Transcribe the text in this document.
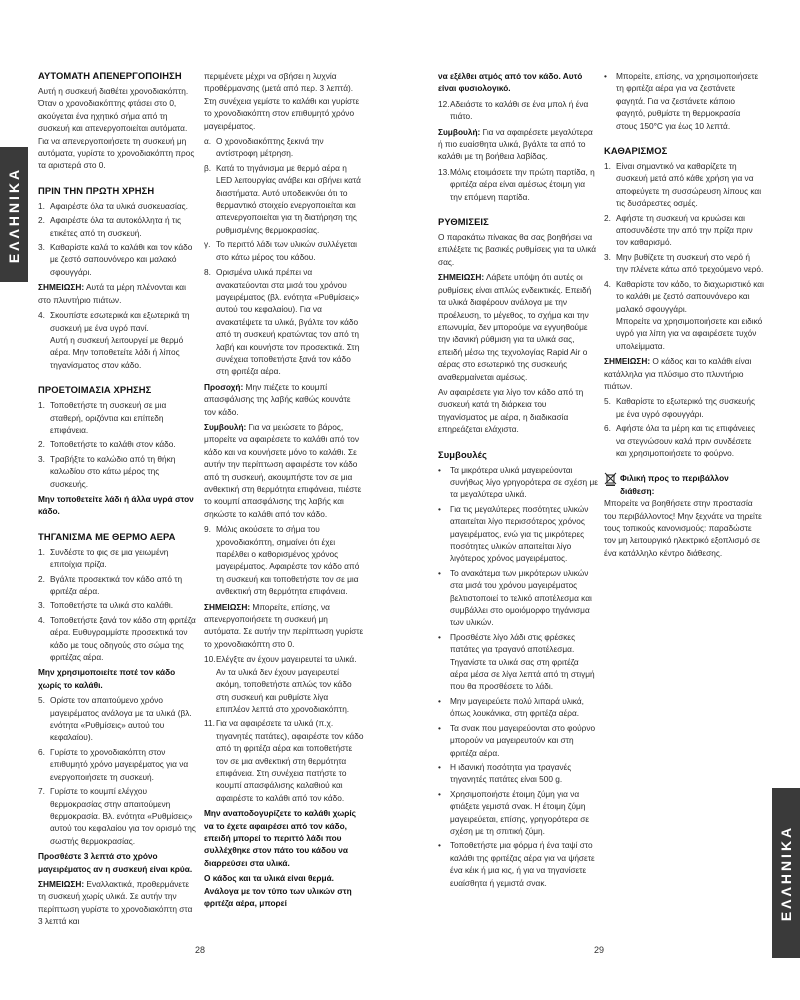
ΕΛΛΗΝΙΚΑ
ΕΛΛΗΝΙΚΑ
ΑΥΤΟΜΑΤΗ ΑΠΕΝΕΡΓΟΠΟΙΗΣΗ

Αυτή η συσκευή διαθέτει χρονοδιακόπτη. Όταν ο χρονοδιακόπτης φτάσει στο 0, ακούγεται ένα ηχητικό σήμα από τη συσκευή και απενεργοποιείται αυτόματα. Για να απενεργοποιήσετε τη συσκευή μη αυτόματα, γυρίστε το χρονοδιακόπτη προς τα αριστερά στο 0.

ΠΡΙΝ ΤΗΝ ΠΡΩΤΗ ΧΡΗΣΗ
1. Αφαιρέστε όλα τα υλικά συσκευασίας.
2. Αφαιρέστε όλα τα αυτοκόλλητα ή τις ετικέτες από τη συσκευή.
3. Καθαρίστε καλά το καλάθι και τον κάδο με ζεστό σαπουνόνερο και μαλακό σφουγγάρι.

ΣΗΜΕΙΩΣΗ: Αυτά τα μέρη πλένονται και στο πλυντήριο πιάτων.

4. Σκουπίστε εσωτερικά και εξωτερικά τη συσκευή με ένα υγρό πανί.
Αυτή η συσκευή λειτουργεί με θερμό αέρα. Μην τοποθετείτε λάδι ή λίπος τηγανίσματος στον κάδο.
ΠΡΟΕΤΟΙΜΑΣΙΑ ΧΡΗΣΗΣ
1. Τοποθετήστε τη συσκευή σε μια σταθερή, οριζόντια και επίπεδη επιφάνεια.
2. Τοποθετήστε το καλάθι στον κάδο.
3. Τραβήξτε το καλώδιο από τη θήκη καλωδίου στο κάτω μέρος της συσκευής.

Μην τοποθετείτε λάδι ή άλλα υγρά στον κάδο.

ΤΗΓΑΝΙΣΜΑ ΜΕ ΘΕΡΜΟ ΑΕΡΑ
1. Συνδέστε το φις σε μια γειωμένη επιτοίχια πρίζα.
2. Βγάλτε προσεκτικά τον κάδο από τη φριτέζα αέρα.
3. Τοποθετήστε τα υλικά στο καλάθι.
4. Τοποθετήστε ξανά τον κάδο στη φριτέζα αέρα. Ευθυγραμμίστε προσεκτικά τον κάδο με τους οδηγούς στο σώμα της φριτέζας αέρα.

Μην χρησιμοποιείτε ποτέ τον κάδο χωρίς το καλάθι.

5. Ορίστε τον απαιτούμενο χρόνο μαγειρέματος ανάλογα με τα υλικά (βλ. ενότητα «Ρυθμίσεις» αυτού του κεφαλαίου).
6. Γυρίστε το χρονοδιακόπτη στον επιθυμητό χρόνο μαγειρέματος για να ενεργοποιήσετε τη συσκευή.
7. Γυρίστε το κουμπί ελέγχου θερμοκρασίας στην απαιτούμενη θερμοκρασία. Βλ. ενότητα «Ρυθμίσεις» αυτού του κεφαλαίου για τον ορισμό της σωστής θερμοκρασίας.

Προσθέστε 3 λεπτά στο χρόνο μαγειρέματος αν η συσκευή είναι κρύα.

ΣΗΜΕΙΩΣΗ: Εναλλακτικά, προθερμάνετε τη συσκευή χωρίς υλικά. Σε αυτήν την περίπτωση γυρίστε το χρονοδιακόπτη στα 3 λεπτά και

περιμένετε μέχρι να σβήσει η λυχνία προθέρμανσης (μετά από περ. 3 λεπτά). Στη συνέχεια γεμίστε το καλάθι και γυρίστε το χρονοδιακόπτη στον επιθυμητό χρόνο μαγειρέματος.

α. Ο χρονοδιακόπτης ξεκινά την αντίστροφη μέτρηση.
β. Κατά το τηγάνισμα με θερμό αέρα η LED λειτουργίας ανάβει και σβήνει κατά διαστήματα. Αυτό υποδεικνύει ότι το θερμαντικό στοιχείο ενεργοποιείται και απενεργοποιείται για τη διατήρηση της ρυθμισμένης θερμοκρασίας.
γ. Το περιττό λάδι των υλικών συλλέγεται στο κάτω μέρος του κάδου.
8. Ορισμένα υλικά πρέπει να ανακατεύονται στα μισά του χρόνου μαγειρέματος (βλ. ενότητα «Ρυθμίσεις» αυτού του κεφαλαίου). Για να ανακατέψετε τα υλικά, βγάλτε τον κάδο από τη συσκευή κρατώντας τον από τη λαβή και κουνήστε τον προσεκτικά. Στη συνέχεια τοποθετήστε ξανά τον κάδο στη φριτέζα αέρα.

Προσοχή: Μην πιέζετε το κουμπί απασφάλισης της λαβής καθώς κουνάτε τον κάδο.

Συμβουλή: Για να μειώσετε το βάρος, μπορείτε να αφαιρέσετε το καλάθι από τον κάδο και να κουνήσετε μόνο το καλάθι. Σε αυτήν την περίπτωση αφαιρέστε τον κάδο από τη συσκευή, ακουμπήστε τον σε μια ανθεκτική στη θερμότητα επιφάνεια, πιέστε το κουμπί απασφάλισης της λαβής και σηκώστε το καλάθι από τον κάδο.

9. Μόλις ακούσετε το σήμα του χρονοδιακόπτη, σημαίνει ότι έχει παρέλθει ο καθορισμένος χρόνος μαγειρέματος. Αφαιρέστε τον κάδο από τη συσκευή και τοποθετήστε τον σε μια ανθεκτική στη θερμότητα επιφάνεια.

ΣΗΜΕΙΩΣΗ: Μπορείτε, επίσης, να απενεργοποιήσετε τη συσκευή μη αυτόματα. Σε αυτήν την περίπτωση γυρίστε το χρονοδιακόπτη στο 0.

10. Ελέγξτε αν έχουν μαγειρευτεί τα υλικά.
Αν τα υλικά δεν έχουν μαγειρευτεί ακόμη, τοποθετήστε απλώς τον κάδο στη συσκευή και ρυθμίστε λίγα επιπλέον λεπτά στο χρονοδιακόπτη.
11. Για να αφαιρέσετε τα υλικά (π.χ. τηγανητές πατάτες), αφαιρέστε τον κάδο από τη φριτέζα αέρα και τοποθετήστε τον σε μια ανθεκτική στη θερμότητα επιφάνεια. Στη συνέχεια πατήστε το κουμπί απασφάλισης καλαθιού και αφαιρέστε το καλάθι από τον κάδο.

Μην αναποδογυρίζετε το καλάθι χωρίς να το έχετε αφαιρέσει από τον κάδο, επειδή μπορεί το περιττό λάδι που συλλέχθηκε στον πάτο του κάδου να διαρρεύσει στα υλικά.

Ο κάδος και τα υλικά είναι θερμά. Ανάλογα με τον τύπο των υλικών στη φριτέζα αέρα, μπορεί

να εξέλθει ατμός από τον κάδο. Αυτό είναι φυσιολογικό.

12. Αδειάστε το καλάθι σε ένα μπολ ή ένα πιάτο.

Συμβουλή: Για να αφαιρέσετε μεγαλύτερα ή πιο ευαίσθητα υλικά, βγάλτε τα από το καλάθι με τη βοήθεια λαβίδας.

13. Μόλις ετοιμάσετε την πρώτη παρτίδα, η φριτέζα αέρα είναι αμέσως έτοιμη για την επόμενη παρτίδα.
ΡΥΘΜΙΣΕΙΣ

Ο παρακάτω πίνακας θα σας βοηθήσει να επιλέξετε τις βασικές ρυθμίσεις για τα υλικά σας.

ΣΗΜΕΙΩΣΗ: Λάβετε υπόψη ότι αυτές οι ρυθμίσεις είναι απλώς ενδεικτικές. Επειδή τα υλικά διαφέρουν ανάλογα με την προέλευση, το μέγεθος, το σχήμα και την επωνυμία, δεν μπορούμε να εγγυηθούμε την ιδανική ρύθμιση για τα υλικά σας, επειδή μέσω της τεχνολογίας Rapid Air ο αέρας στο εσωτερικό της συσκευής αναθερμαίνεται αμέσως.

Αν αφαιρέσετε για λίγο τον κάδο από τη συσκευή κατά τη διάρκεια του τηγανίσματος με αέρα, η διαδικασία επηρεάζεται ελάχιστα.

Συμβουλές
• Τα μικρότερα υλικά μαγειρεύονται συνήθως λίγο γρηγορότερα σε σχέση με τα μεγαλύτερα υλικά.
• Για τις μεγαλύτερες ποσότητες υλικών απαιτείται λίγο περισσότερος χρόνος μαγειρέματος, ενώ για τις μικρότερες ποσότητες υλικών απαιτείται λίγο λιγότερος χρόνος μαγειρέματος.
• Το ανακάτεμα των μικρότερων υλικών στα μισά του χρόνου μαγειρέματος βελτιστοποιεί το τελικό αποτέλεσμα και συμβάλλει στο ομοιόμορφο τηγάνισμα των υλικών.
• Προσθέστε λίγο λάδι στις φρέσκες πατάτες για τραγανό αποτέλεσμα. Τηγανίστε τα υλικά σας στη φριτέζα αέρα μέσα σε λίγα λεπτά από τη στιγμή που θα προσθέσετε το λάδι.
• Μην μαγειρεύετε πολύ λιπαρά υλικά, όπως λουκάνικα, στη φριτέζα αέρα.
• Τα σνακ που μαγειρεύονται στο φούρνο μπορούν να μαγειρευτούν και στη φριτέζα αέρα.
• Η ιδανική ποσότητα για τραγανές τηγανητές πατάτες είναι 500 g.
• Χρησιμοποιήστε έτοιμη ζύμη για να φτιάξετε γεμιστά σνακ. Η έτοιμη ζύμη μαγειρεύεται, επίσης, γρηγορότερα σε σχέση με τη σπιτική ζύμη.
• Τοποθετήστε μια φόρμα ή ένα ταψί στο καλάθι της φριτέζας αέρα για να ψήσετε ένα κέικ ή μια κις, ή για να τηγανίσετε ευαίσθητα ή γεμιστά σνακ.
• Μπορείτε, επίσης, να χρησιμοποιήσετε τη φριτέζα αέρα για να ζεστάνετε φαγητά. Για να ζεστάνετε κάποιο φαγητό, ρυθμίστε τη θερμοκρασία στους 150°C για έως 10 λεπτά.
ΚΑΘΑΡΙΣΜΟΣ
1. Είναι σημαντικό να καθαρίζετε τη συσκευή μετά από κάθε χρήση για να αποφεύγετε τη συσσώρευση λίπους και τις δυσάρεστες οσμές.
2. Αφήστε τη συσκευή να κρυώσει και αποσυνδέστε την από την πρίζα πριν τον καθαρισμό.
3. Μην βυθίζετε τη συσκευή στο νερό ή την πλένετε κάτω από τρεχούμενο νερό.
4. Καθαρίστε τον κάδο, το διαχωριστικό και το καλάθι με ζεστό σαπουνόνερο και μαλακό σφουγγάρι.
Μπορείτε να χρησιμοποιήσετε και ειδικό υγρό για λίπη για να αφαιρέσετε τυχόν υπολείμματα.

ΣΗΜΕΙΩΣΗ: Ο κάδος και το καλάθι είναι κατάλληλα για πλύσιμο στο πλυντήριο πιάτων.

5. Καθαρίστε το εξωτερικό της συσκευής με ένα υγρό σφουγγάρι.
6. Αφήστε όλα τα μέρη και τις επιφάνειες να στεγνώσουν καλά πριν συνδέσετε και χρησιμοποιήσετε το φούρνο.
Φιλική προς το περιβάλλον διάθεση:

Μπορείτε να βοηθήσετε στην προστασία του περιβάλλοντος! Μην ξεχνάτε να τηρείτε τους τοπικούς κανονισμούς: παραδώστε τον μη λειτουργικό ηλεκτρικό εξοπλισμό σε ένα κατάλληλο κέντρο διάθεσης.

28	29
